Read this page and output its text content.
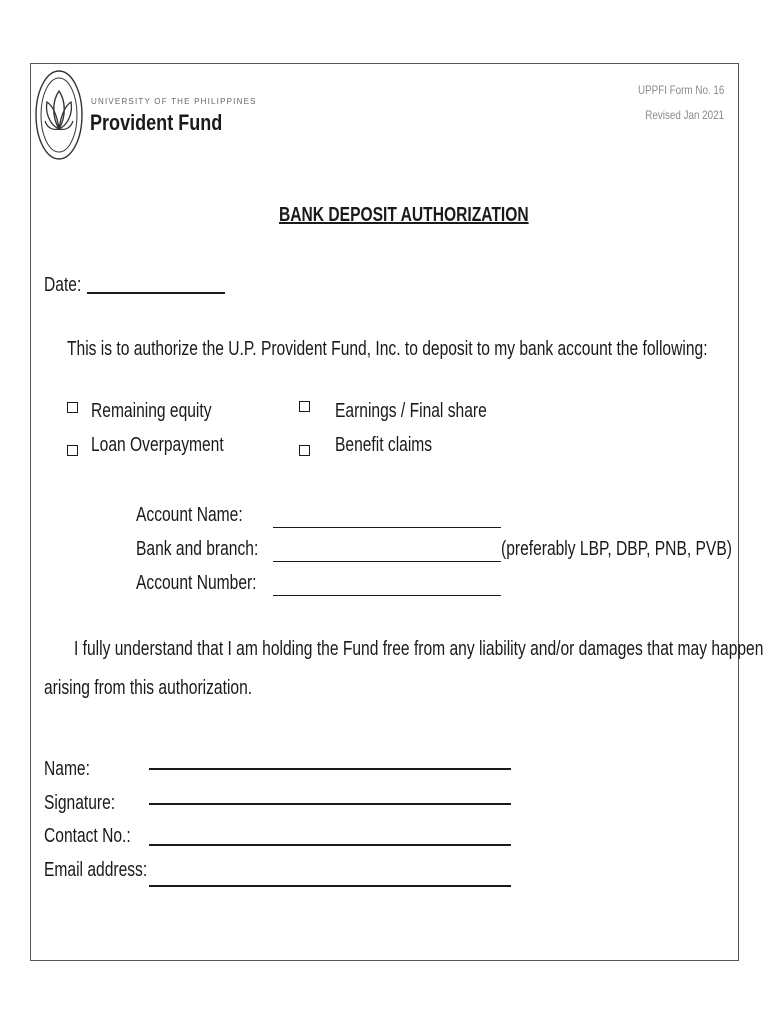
UNIVERSITY OF THE PHILIPPINES
Provident Fund
UPPFI Form No. 16
Revised Jan 2021
BANK DEPOSIT AUTHORIZATION
Date:
This is to authorize the U.P. Provident Fund, Inc. to deposit to my bank account the following:
Remaining equity
Loan Overpayment
Earnings / Final share
Benefit claims
Account Name:
Bank and branch:	(preferably LBP, DBP, PNB, PVB)
Account Number:
I fully understand that I am holding the Fund free from any liability and/or damages that may happen
arising from this authorization.
Name:
Signature:
Contact No.:
Email address:
